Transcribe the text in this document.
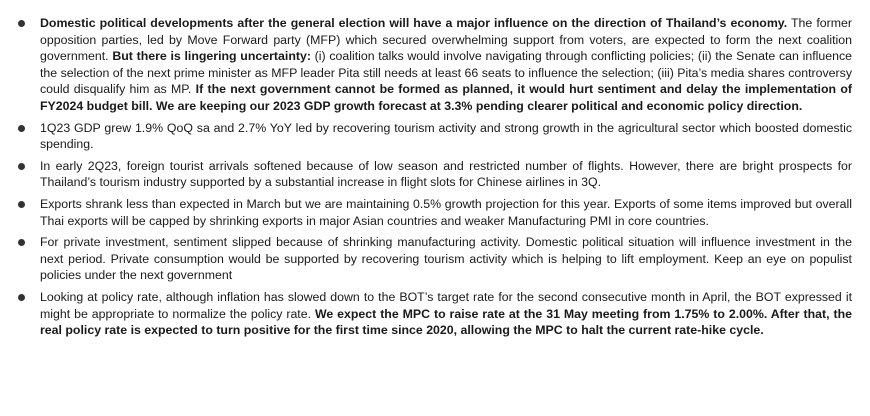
Domestic political developments after the general election will have a major influence on the direction of Thailand’s economy. The former opposition parties, led by Move Forward party (MFP) which secured overwhelming support from voters, are expected to form the next coalition government. But there is lingering uncertainty: (i) coalition talks would involve navigating through conflicting policies; (ii) the Senate can influence the selection of the next prime minister as MFP leader Pita still needs at least 66 seats to influence the selection; (iii) Pita’s media shares controversy could disqualify him as MP. If the next government cannot be formed as planned, it would hurt sentiment and delay the implementation of FY2024 budget bill. We are keeping our 2023 GDP growth forecast at 3.3% pending clearer political and economic policy direction.
1Q23 GDP grew 1.9% QoQ sa and 2.7% YoY led by recovering tourism activity and strong growth in the agricultural sector which boosted domestic spending.
In early 2Q23, foreign tourist arrivals softened because of low season and restricted number of flights. However, there are bright prospects for Thailand’s tourism industry supported by a substantial increase in flight slots for Chinese airlines in 3Q.
Exports shrank less than expected in March but we are maintaining 0.5% growth projection for this year. Exports of some items improved but overall Thai exports will be capped by shrinking exports in major Asian countries and weaker Manufacturing PMI in core countries.
For private investment, sentiment slipped because of shrinking manufacturing activity. Domestic political situation will influence investment in the next period. Private consumption would be supported by recovering tourism activity which is helping to lift employment. Keep an eye on populist policies under the next government
Looking at policy rate, although inflation has slowed down to the BOT’s target rate for the second consecutive month in April, the BOT expressed it might be appropriate to normalize the policy rate. We expect the MPC to raise rate at the 31 May meeting from 1.75% to 2.00%. After that, the real policy rate is expected to turn positive for the first time since 2020, allowing the MPC to halt the current rate-hike cycle.
